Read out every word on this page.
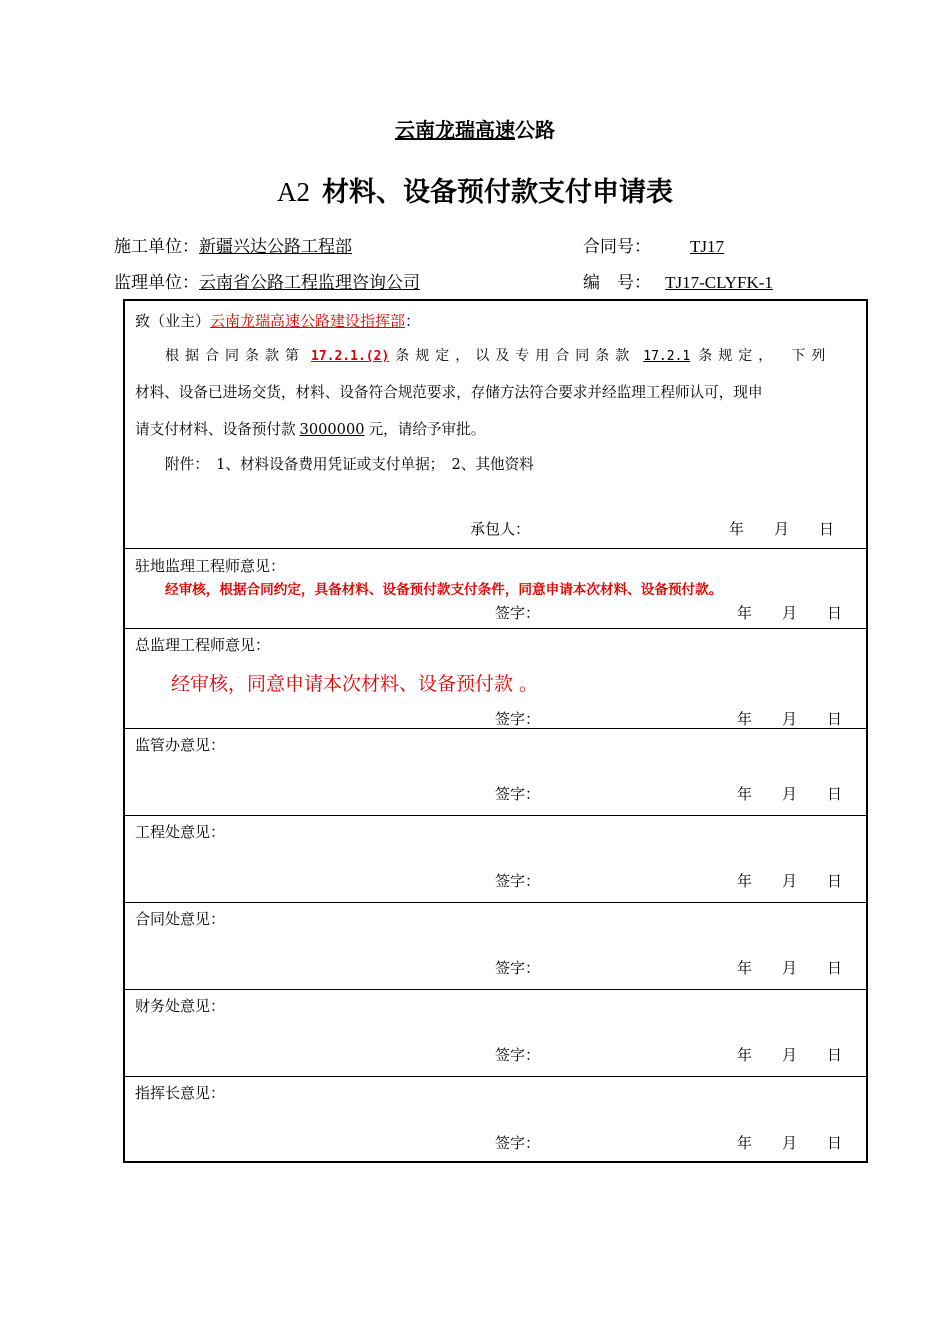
云南龙瑞高速公路
A2 材料、设备预付款支付申请表
施工单位：新疆兴达公路工程部	合同号： TJ17
监理单位：云南省公路工程监理咨询公司	编　号： TJ17-CLYFK-1
致（业主）云南龙瑞高速公路建设指挥部：
根据合同条款第 17.2.1.(2) 条规定，以及专用合同条款 17.2.1 条规定，　下列
材料、设备已进场交货，材料、设备符合规范要求，存储方法符合要求并经监理工程师认可，现申
请支付材料、设备预付款 3000000 元，请给予审批。
附件：　1、材料设备费用凭证或支付单据；　2、其他资料
承包人：	年　　月　　日
驻地监理工程师意见：
经审核，根据合同约定，具备材料、设备预付款支付条件，同意申请本次材料、设备预付款。
签字：	年　　月　　日
总监理工程师意见：
经审核，同意申请本次材料、设备预付款 。
签字：	年　　月　　日
监管办意见：
签字：	年　　月　　日
工程处意见：
签字：	年　　月　　日
合同处意见：
签字：	年　　月　　日
财务处意见：
签字：	年　　月　　日
指挥长意见：
签字：	年　　月　　日
